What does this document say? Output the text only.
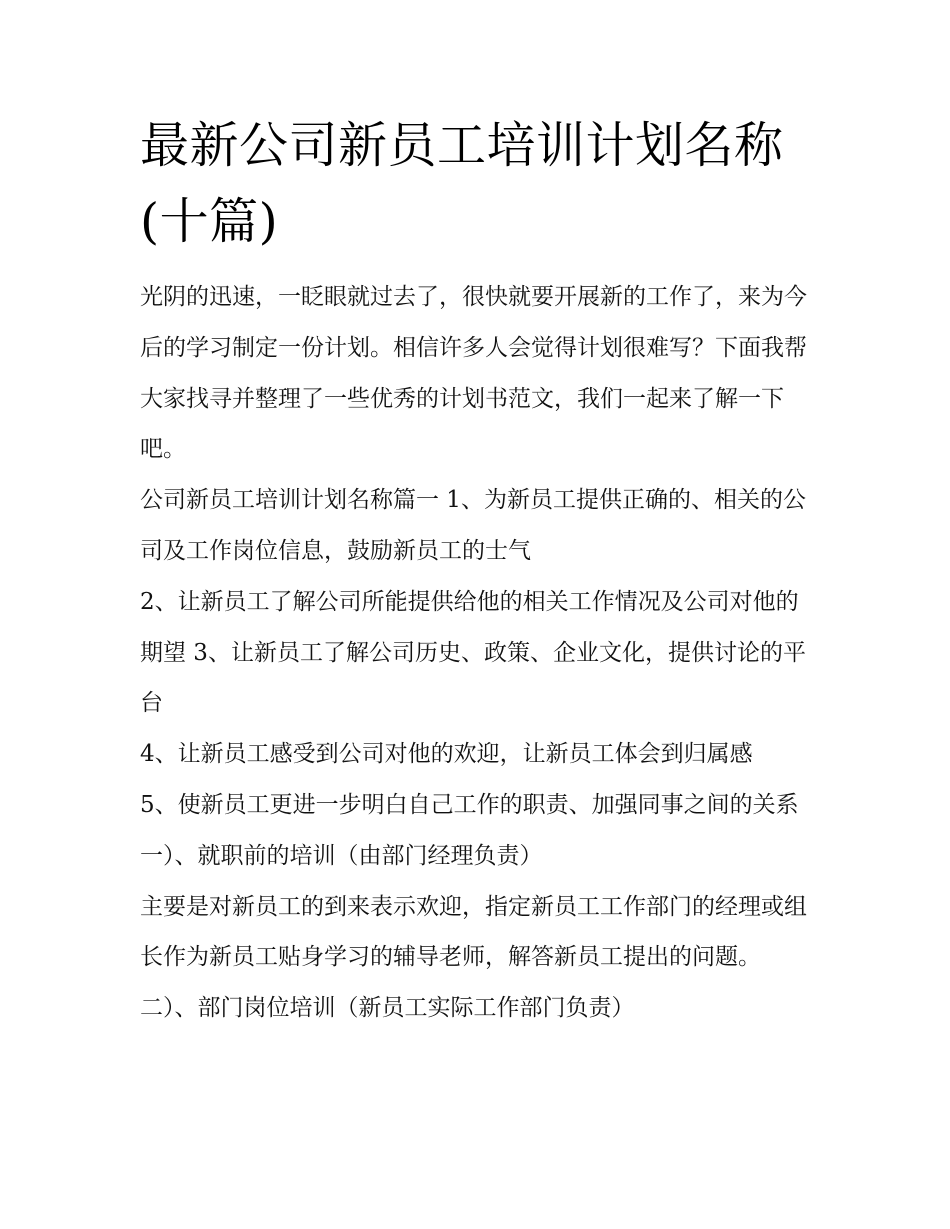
最新公司新员工培训计划名称(十篇)

光阴的迅速，一眨眼就过去了，很快就要开展新的工作了，来为今后的学习制定一份计划。相信许多人会觉得计划很难写？下面我帮大家找寻并整理了一些优秀的计划书范文，我们一起来了解一下吧。

公司新员工培训计划名称篇一 1、为新员工提供正确的、相关的公司及工作岗位信息，鼓励新员工的士气

2、让新员工了解公司所能提供给他的相关工作情况及公司对他的期望 3、让新员工了解公司历史、政策、企业文化，提供讨论的平台

4、让新员工感受到公司对他的欢迎，让新员工体会到归属感

5、使新员工更进一步明白自己工作的职责、加强同事之间的关系 一）、就职前的培训（由部门经理负责）

主要是对新员工的到来表示欢迎，指定新员工工作部门的经理或组长作为新员工贴身学习的辅导老师，解答新员工提出的问题。

二）、部门岗位培训（新员工实际工作部门负责）
